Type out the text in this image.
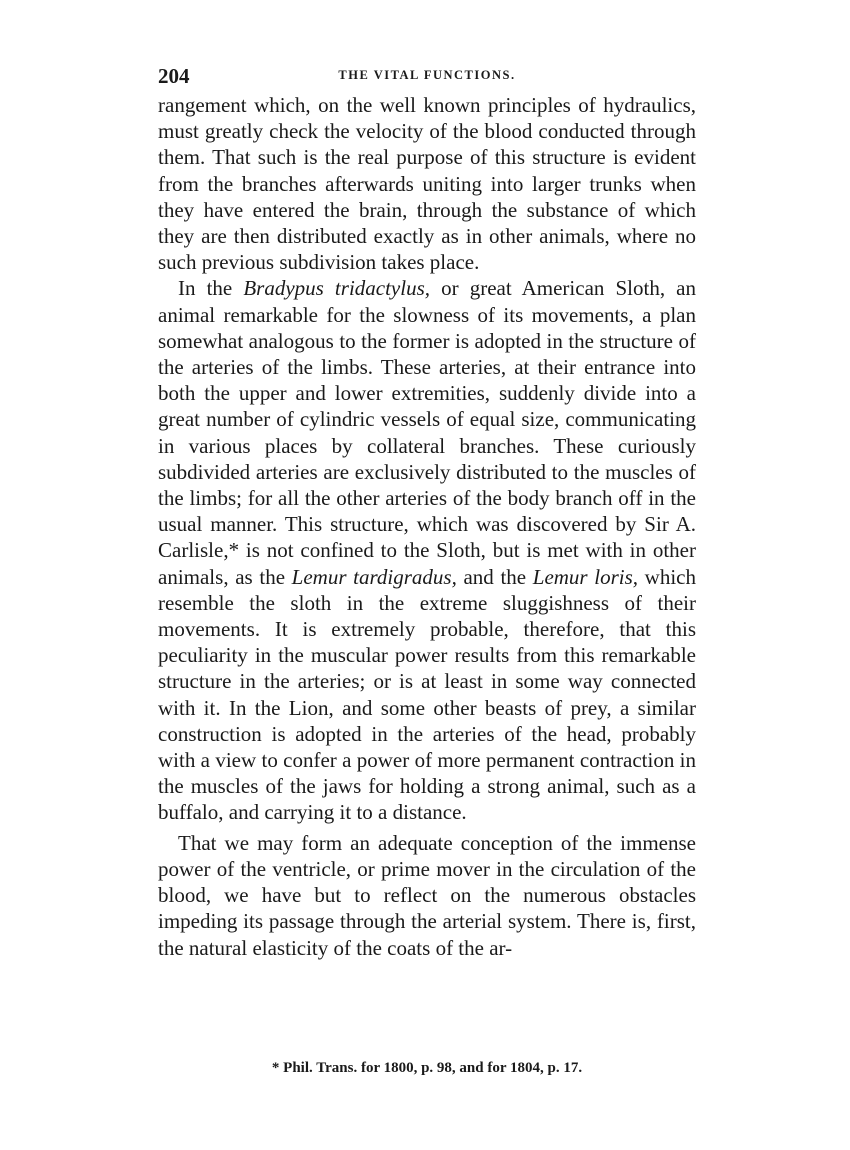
204	THE VITAL FUNCTIONS.

rangement which, on the well known principles of hydraulics, must greatly check the velocity of the blood conducted through them. That such is the real purpose of this structure is evident from the branches afterwards uniting into larger trunks when they have entered the brain, through the substance of which they are then distributed exactly as in other animals, where no such previous subdivision takes place.

In the Bradypus tridactylus, or great American Sloth, an animal remarkable for the slowness of its movements, a plan somewhat analogous to the former is adopted in the structure of the arteries of the limbs. These arteries, at their entrance into both the upper and lower extremities, suddenly divide into a great number of cylindric vessels of equal size, communicating in various places by collateral branches. These curiously subdivided arteries are exclusively distributed to the muscles of the limbs; for all the other arteries of the body branch off in the usual manner. This structure, which was discovered by Sir A. Carlisle,* is not confined to the Sloth, but is met with in other animals, as the Lemur tardigradus, and the Lemur loris, which resemble the sloth in the extreme sluggishness of their movements. It is extremely probable, therefore, that this peculiarity in the muscular power results from this remarkable structure in the arteries; or is at least in some way connected with it. In the Lion, and some other beasts of prey, a similar construction is adopted in the arteries of the head, probably with a view to confer a power of more permanent contraction in the muscles of the jaws for holding a strong animal, such as a buffalo, and carrying it to a distance.

That we may form an adequate conception of the immense power of the ventricle, or prime mover in the circulation of the blood, we have but to reflect on the numerous obstacles impeding its passage through the arterial system. There is, first, the natural elasticity of the coats of the ar-

* Phil. Trans. for 1800, p. 98, and for 1804, p. 17.
